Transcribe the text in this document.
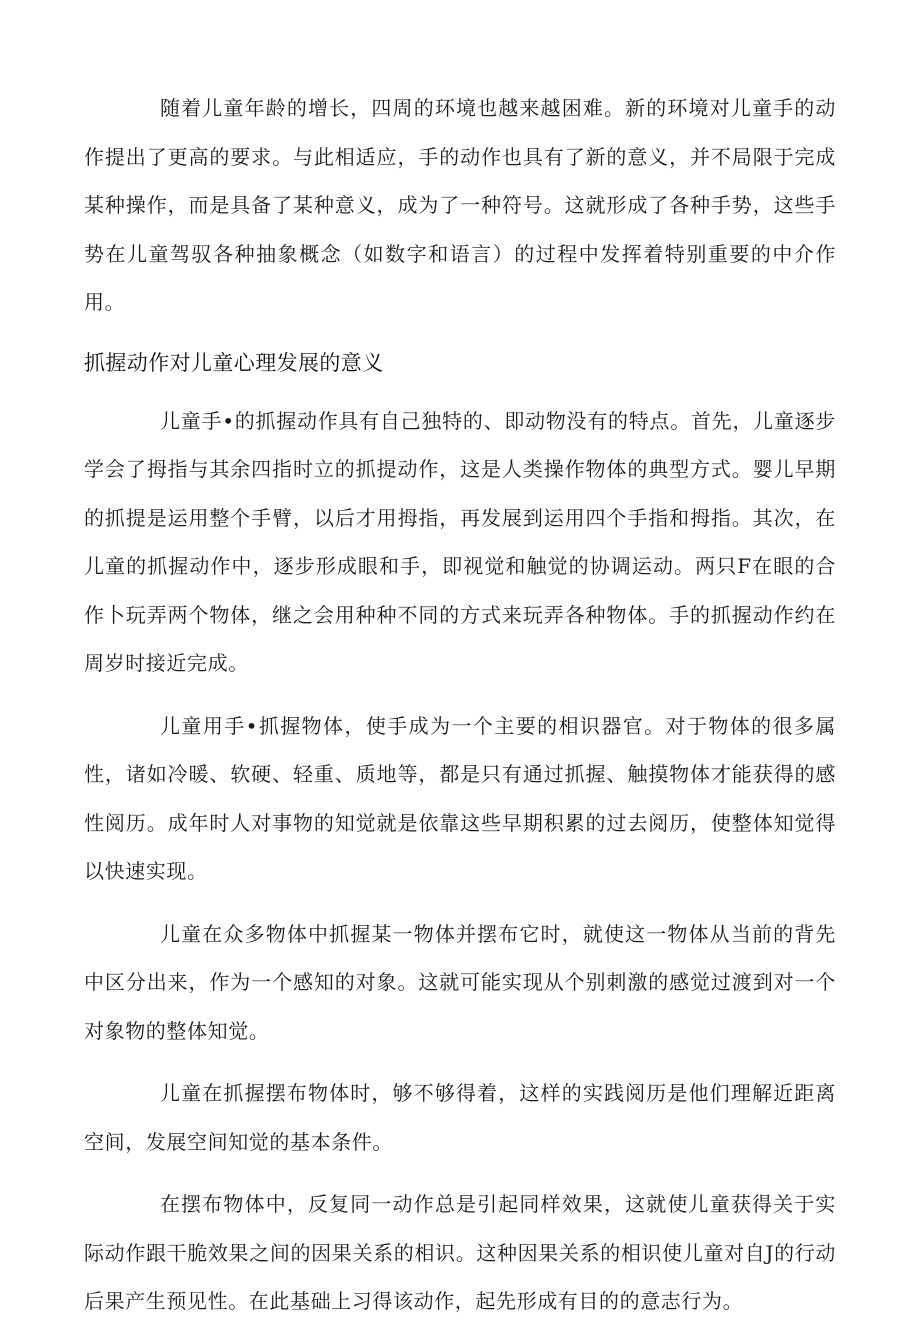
随着儿童年龄的增长，四周的环境也越来越困难。新的环境对儿童手的动作提出了更高的要求。与此相适应，手的动作也具有了新的意义，并不局限于完成某种操作，而是具备了某种意义，成为了一种符号。这就形成了各种手势，这些手势在儿童驾驭各种抽象概念（如数字和语言）的过程中发挥着特别重要的中介作用。

抓握动作对儿童心理发展的意义

儿童手•的抓握动作具有自己独特的、即动物没有的特点。首先，儿童逐步学会了拇指与其余四指时立的抓提动作，这是人类操作物体的典型方式。婴儿早期的抓提是运用整个手臂，以后才用拇指，再发展到运用四个手指和拇指。其次，在儿童的抓握动作中，逐步形成眼和手，即视觉和触觉的协调运动。两只F在眼的合作卜玩弄两个物体，继之会用种种不同的方式来玩弄各种物体。手的抓握动作约在周岁时接近完成。

儿童用手•抓握物体，使手成为一个主要的相识器官。对于物体的很多属性，诸如冷暖、软硬、轻重、质地等，都是只有通过抓握、触摸物体才能获得的感性阅历。成年时人对事物的知觉就是依靠这些早期积累的过去阅历，使整体知觉得以快速实现。

儿童在众多物体中抓握某一物体并摆布它时，就使这一物体从当前的背先中区分出来，作为一个感知的对象。这就可能实现从个别刺激的感觉过渡到对一个对象物的整体知觉。

儿童在抓握摆布物体时，够不够得着，这样的实践阅历是他们理解近距离空间，发展空间知觉的基本条件。

在摆布物体中，反复同一动作总是引起同样效果，这就使儿童获得关于实际动作跟干脆效果之间的因果关系的相识。这种因果关系的相识使儿童对自J的行动后果产生预见性。在此基础上习得该动作，起先形成有目的的意志行为。
